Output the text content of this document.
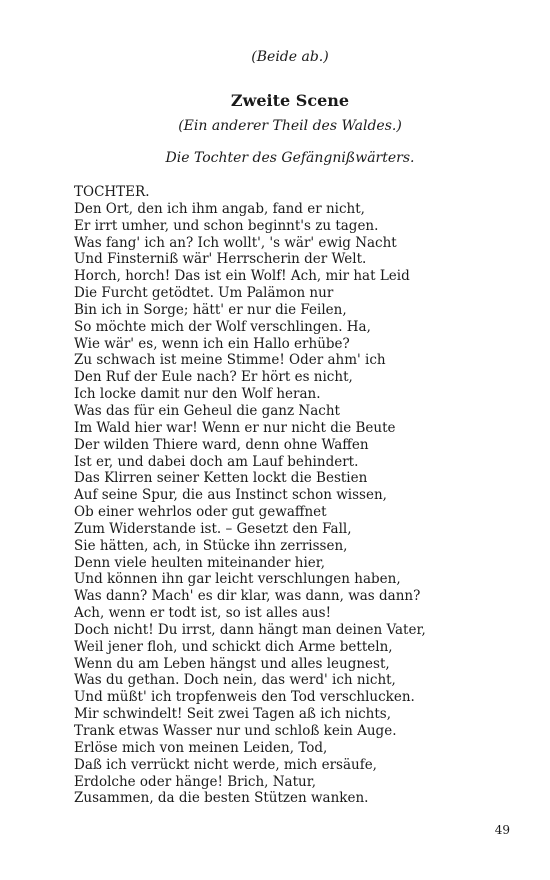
(Beide ab.)
Zweite Scene
(Ein anderer Theil des Waldes.)
Die Tochter des Gefängnißwärters.
TOCHTER.
Den Ort, den ich ihm angab, fand er nicht,
Er irrt umher, und schon beginnt's zu tagen.
Was fang' ich an? Ich wollt', 's wär' ewig Nacht
Und Finsterniß wär' Herrscherin der Welt.
Horch, horch! Das ist ein Wolf! Ach, mir hat Leid
Die Furcht getödtet. Um Palämon nur
Bin ich in Sorge; hätt' er nur die Feilen,
So möchte mich der Wolf verschlingen. Ha,
Wie wär' es, wenn ich ein Hallo erhübe?
Zu schwach ist meine Stimme! Oder ahm' ich
Den Ruf der Eule nach? Er hört es nicht,
Ich locke damit nur den Wolf heran.
Was das für ein Geheul die ganz Nacht
Im Wald hier war! Wenn er nur nicht die Beute
Der wilden Thiere ward, denn ohne Waffen
Ist er, und dabei doch am Lauf behindert.
Das Klirren seiner Ketten lockt die Bestien
Auf seine Spur, die aus Instinct schon wissen,
Ob einer wehrlos oder gut gewaffnet
Zum Widerstande ist. – Gesetzt den Fall,
Sie hätten, ach, in Stücke ihn zerrissen,
Denn viele heulten miteinander hier,
Und können ihn gar leicht verschlungen haben,
Was dann? Mach' es dir klar, was dann, was dann?
Ach, wenn er todt ist, so ist alles aus!
Doch nicht! Du irrst, dann hängt man deinen Vater,
Weil jener floh, und schickt dich Arme betteln,
Wenn du am Leben hängst und alles leugnest,
Was du gethan. Doch nein, das werd' ich nicht,
Und müßt' ich tropfenweis den Tod verschlucken.
Mir schwindelt! Seit zwei Tagen aß ich nichts,
Trank etwas Wasser nur und schloß kein Auge.
Erlöse mich von meinen Leiden, Tod,
Daß ich verrückt nicht werde, mich ersäufe,
Erdolche oder hänge! Brich, Natur,
Zusammen, da die besten Stützen wanken.
49
